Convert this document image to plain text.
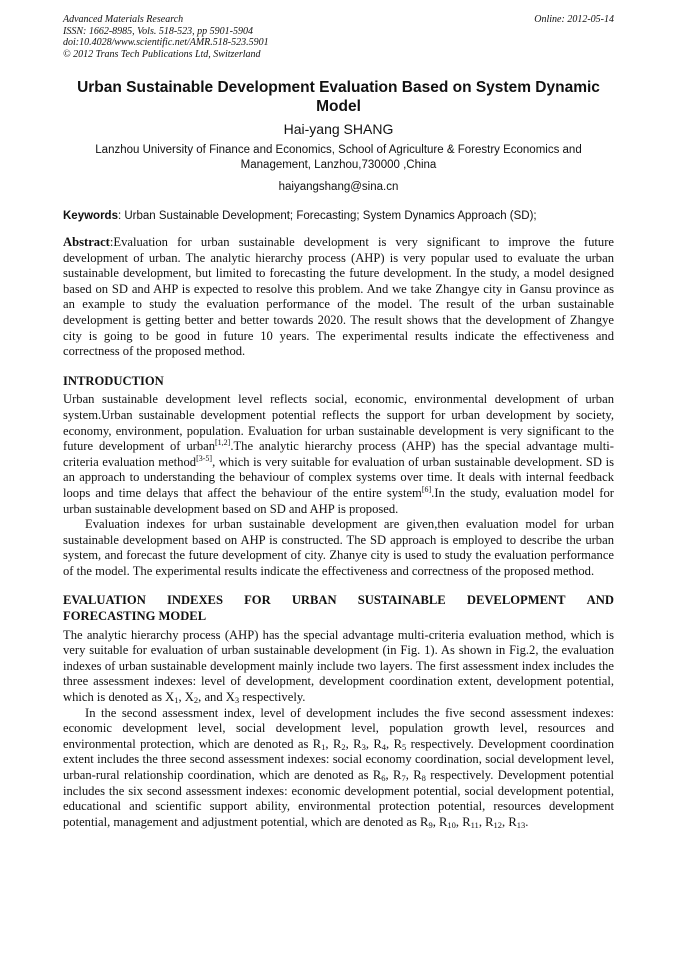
Advanced Materials Research
ISSN: 1662-8985, Vols. 518-523, pp 5901-5904
doi:10.4028/www.scientific.net/AMR.518-523.5901
© 2012 Trans Tech Publications Ltd, Switzerland
Online: 2012-05-14
Urban Sustainable Development Evaluation Based on System Dynamic
Model
Hai-yang SHANG
Lanzhou University of Finance and Economics, School of Agriculture & Forestry Economics and
Management, Lanzhou,730000 ,China
haiyangshang@sina.cn
Keywords: Urban Sustainable Development; Forecasting; System Dynamics Approach (SD);

Abstract:Evaluation for urban sustainable development is very significant to improve the future development of urban. The analytic hierarchy process (AHP) is very popular used to evaluate the urban sustainable development, but limited to forecasting the future development. In the study, a model designed based on SD and AHP is expected to resolve this problem. And we take Zhangye city in Gansu province as an example to study the evaluation performance of the model. The result of the urban sustainable development is getting better and better towards 2020. The result shows that the development of Zhangye city is going to be good in future 10 years. The experimental results indicate the effectiveness and correctness of the proposed method.

INTRODUCTION

Urban sustainable development level reflects social, economic, environmental development of urban system.Urban sustainable development potential reflects the support for urban development by society, economy, environment, population. Evaluation for urban sustainable development is very significant to the future development of urban[1,2].The analytic hierarchy process (AHP) has the special advantage multi-criteria evaluation method[3-5], which is very suitable for evaluation of urban sustainable development. SD is an approach to understanding the behaviour of complex systems over time. It deals with internal feedback loops and time delays that affect the behaviour of the entire system[6].In the study, evaluation model for urban sustainable development based on SD and AHP is proposed.

Evaluation indexes for urban sustainable development are given,then evaluation model for urban sustainable development based on AHP is constructed. The SD approach is employed to describe the urban system, and forecast the future development of city. Zhanye city is used to study the evaluation performance of the model. The experimental results indicate the effectiveness and correctness of the proposed method.

EVALUATION INDEXES FOR URBAN SUSTAINABLE DEVELOPMENT AND
FORECASTING MODEL

The analytic hierarchy process (AHP) has the special advantage multi-criteria evaluation method, which is very suitable for evaluation of urban sustainable development (in Fig. 1). As shown in Fig.2, the evaluation indexes of urban sustainable development mainly include two layers. The first assessment index includes the three assessment indexes: level of development, development coordination extent, development potential, which is denoted as $X_1$, $X_2$, and $X_3$ respectively.

In the second assessment index, level of development includes the five second assessment indexes: economic development level, social development level, population growth level, resources and environmental protection, which are denoted as $R_1$, $R_2$, $R_3$, $R_4$, $R_5$ respectively. Development coordination extent includes the three second assessment indexes: social economy coordination, social development level, urban-rural relationship coordination, which are denoted as $R_6$, $R_7$, $R_8$ respectively. Development potential includes the six second assessment indexes: economic development potential, social development potential, educational and scientific support ability, environmental protection potential, resources development potential, management and adjustment potential, which are denoted as $R_9$, $R_{10}$, $R_{11}$, $R_{12}$, $R_{13}$.
